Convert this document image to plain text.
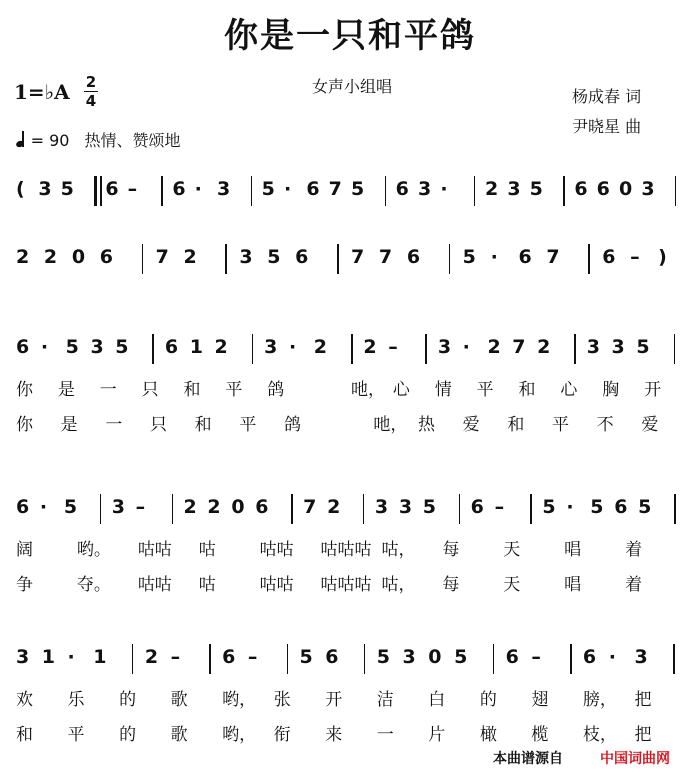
你是一只和平鸽
女声小组唱
杨成春 词
尹晓星 曲
1=♭A 2
4
= 90 热情、赞颂地
( 3 5 6 – 6 · 3 5 · 6 7 5 6 3 · 2 3 5 6 6 0 3
2 2 0 6 7 2 3 5 6 7 7 6 5 · 6 7 6 – )
6 · 5 3 5 6 1 2 3 · 2 2 – 3 · 2 7 2 3 3 5
你 是 一 只 和 平 鸽	吔， 心 情 平 和 心 胸 开
你 是 一 只 和 平 鸽	吔， 热 爱 和 平 不 爱
6 · 5 3 – 2 2 0 6 7 2 3 3 5 6 – 5 · 5 6 5
阔	哟。 咕咕 咕	咕咕 咕咕咕 咕， 每	天	唱	着
争	夺。 咕咕 咕	咕咕 咕咕咕 咕， 每	天	唱	着
3 1 · 1 2 – 6 – 5 6 5 3 0 5 6 – 6 · 3
欢 乐 的 歌 哟， 张 开 洁 白 的 翅 膀， 把
和 平 的 歌 哟， 衔 来 一 片 橄 榄 枝， 把
本曲谱源自	中国词曲网
